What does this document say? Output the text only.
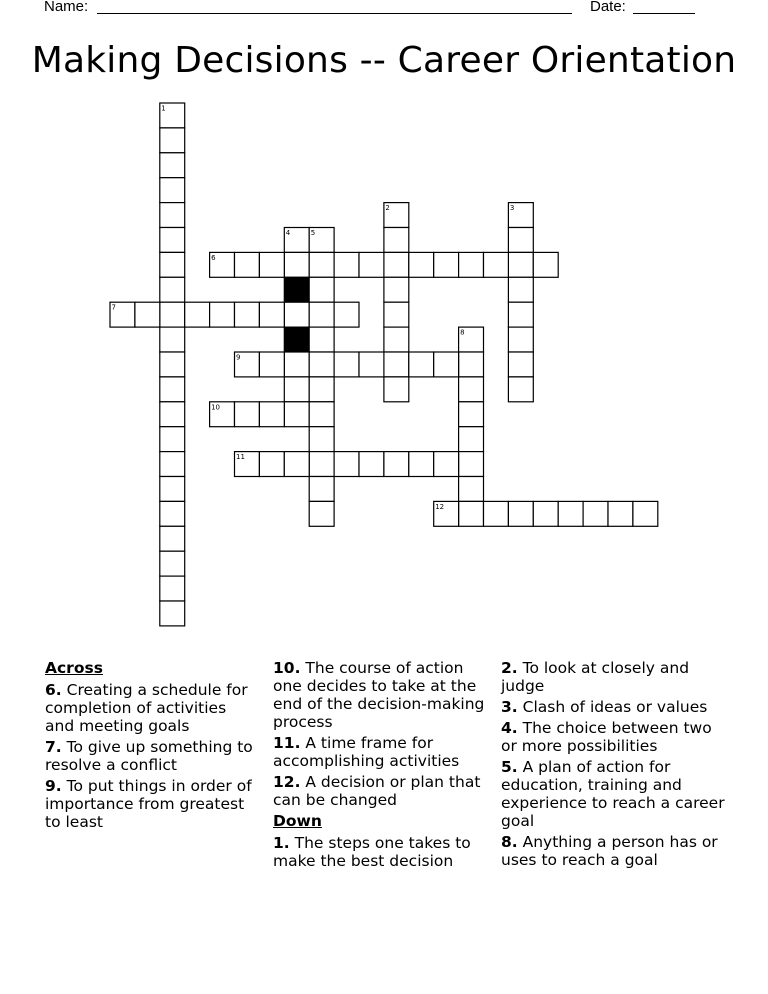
Name:	Date:
Making Decisions -- Career Orientation
1
2	3
4	5
6
7
8
9
10
11
12
Across
6. Creating a schedule for completion of activities and meeting goals
7. To give up something to resolve a conflict
9. To put things in order of importance from greatest to least
10. The course of action one decides to take at the end of the decision-making process
11. A time frame for accomplishing activities
12. A decision or plan that can be changed
Down
1. The steps one takes to make the best decision
2. To look at closely and judge
3. Clash of ideas or values
4. The choice between two or more possibilities
5. A plan of action for education, training and experience to reach a career goal
8. Anything a person has or uses to reach a goal
